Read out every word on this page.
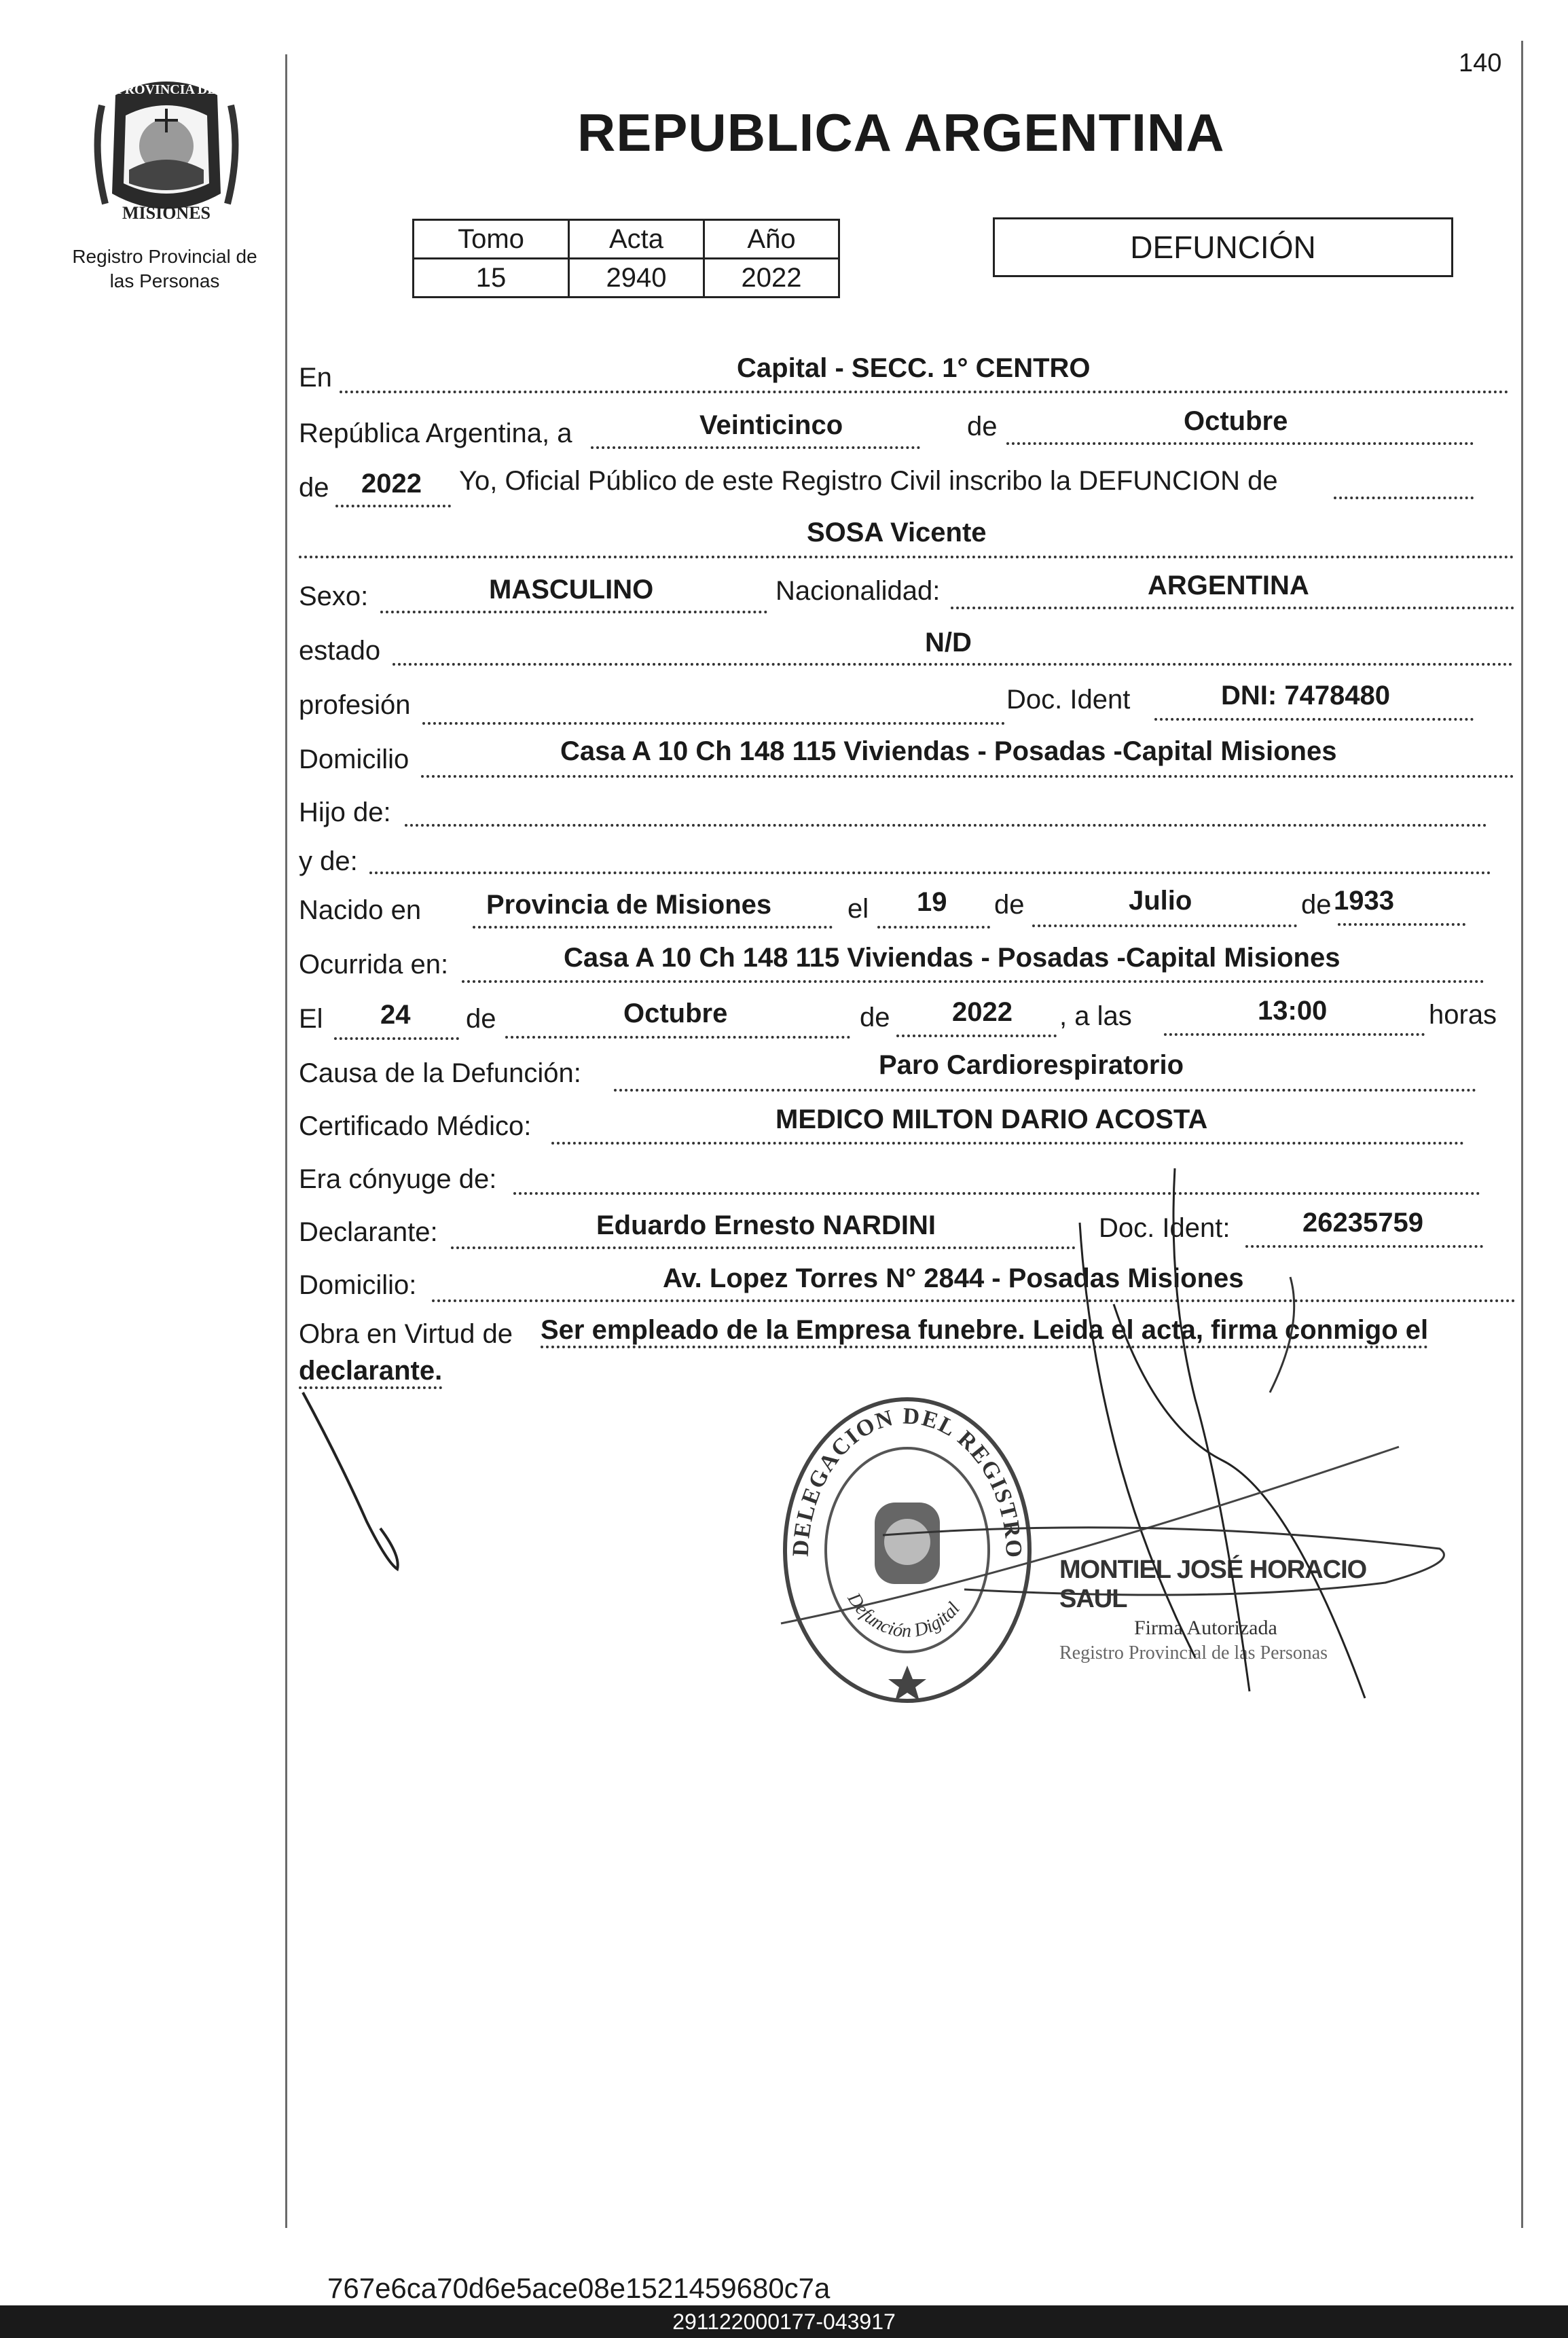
140
PROVINCIA DE
MISIONES
Registro Provincial de
las Personas
REPUBLICA ARGENTINA
Tomo	Acta	Año
15	2940	2022
DEFUNCIÓN
En	Capital - SECC. 1° CENTRO
República Argentina, a	Veinticinco	de	Octubre
de 2022 Yo, Oficial Público de este Registro Civil inscribo la DEFUNCION de
SOSA Vicente
Sexo:	MASCULINO	Nacionalidad:	ARGENTINA
estado	N/D
profesión	Doc. Ident	DNI: 7478480
Domicilio	Casa A 10 Ch 148 115 Viviendas - Posadas -Capital Misiones
Hijo de:
y de:
Nacido en Provincia de Misiones	el 19 de	Julio	de 1933
Ocurrida en:	Casa A 10 Ch 148 115 Viviendas - Posadas -Capital Misiones
El 24 de	Octubre	de 2022 , a las	13:00	horas
Causa de la Defunción:	Paro Cardiorespiratorio
Certificado Médico:	MEDICO MILTON DARIO ACOSTA
Era cónyuge de:
Declarante:	Eduardo Ernesto NARDINI	Doc. Ident:	26235759
Domicilio:	Av. Lopez Torres N° 2844 - Posadas Misiones
Obra en Virtud de Ser empleado de la Empresa funebre. Leida el acta, firma conmigo el
declarante.
DELEGACION DEL REGISTRO
Defunción Digital
MONTIEL JOSÉ HORACIO SAUL
Firma Autorizada
Registro Provincial de las Personas
767e6ca70d6e5ace08e1521459680c7a
291122000177-043917
